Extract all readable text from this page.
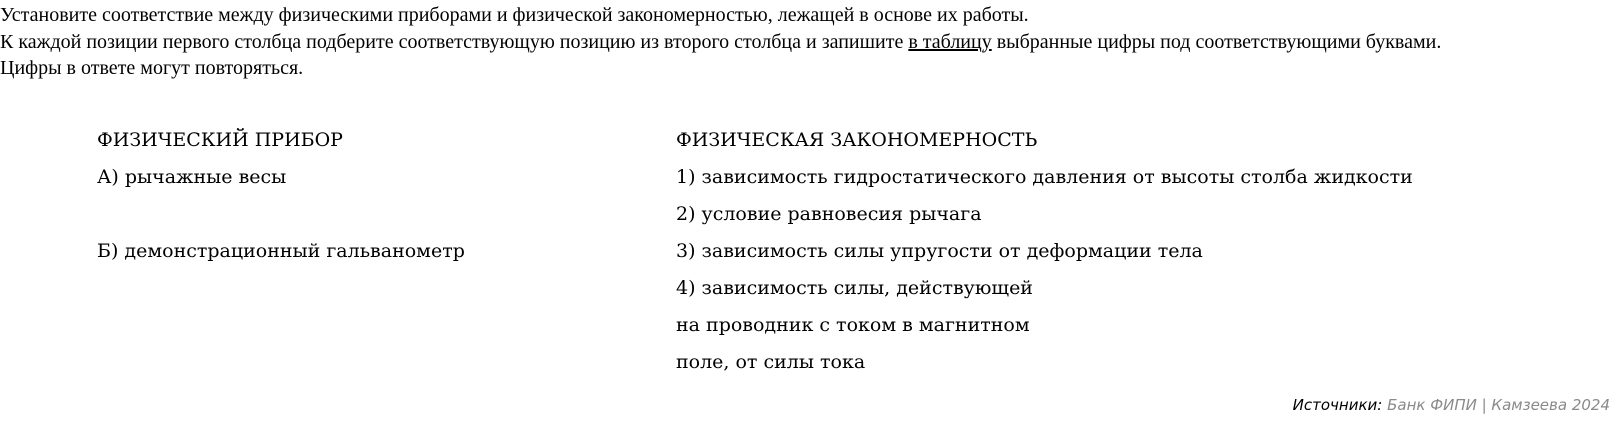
Установите соответствие между физическими приборами и физической закономерностью, лежащей в основе их работы.

К каждой позиции первого столбца подберите соответствующую позицию из второго столбца и запишите в таблицу выбранные цифры под соответствующими буквами.

Цифры в ответе могут повторяться.

ФИЗИЧЕСКИЙ ПРИБОР
А) рычажные весы
Б) демонстрационный гальванометр
ФИЗИЧЕСКАЯ ЗАКОНОМЕРНОСТЬ
1) зависимость гидростатического давления от высоты столба жидкости
2) условие равновесия рычага
3) зависимость силы упругости от деформации тела
4) зависимость силы, действующей
на проводник с током в магнитном
поле, от силы тока
Источники: Банк ФИПИ | Камзеева 2024
